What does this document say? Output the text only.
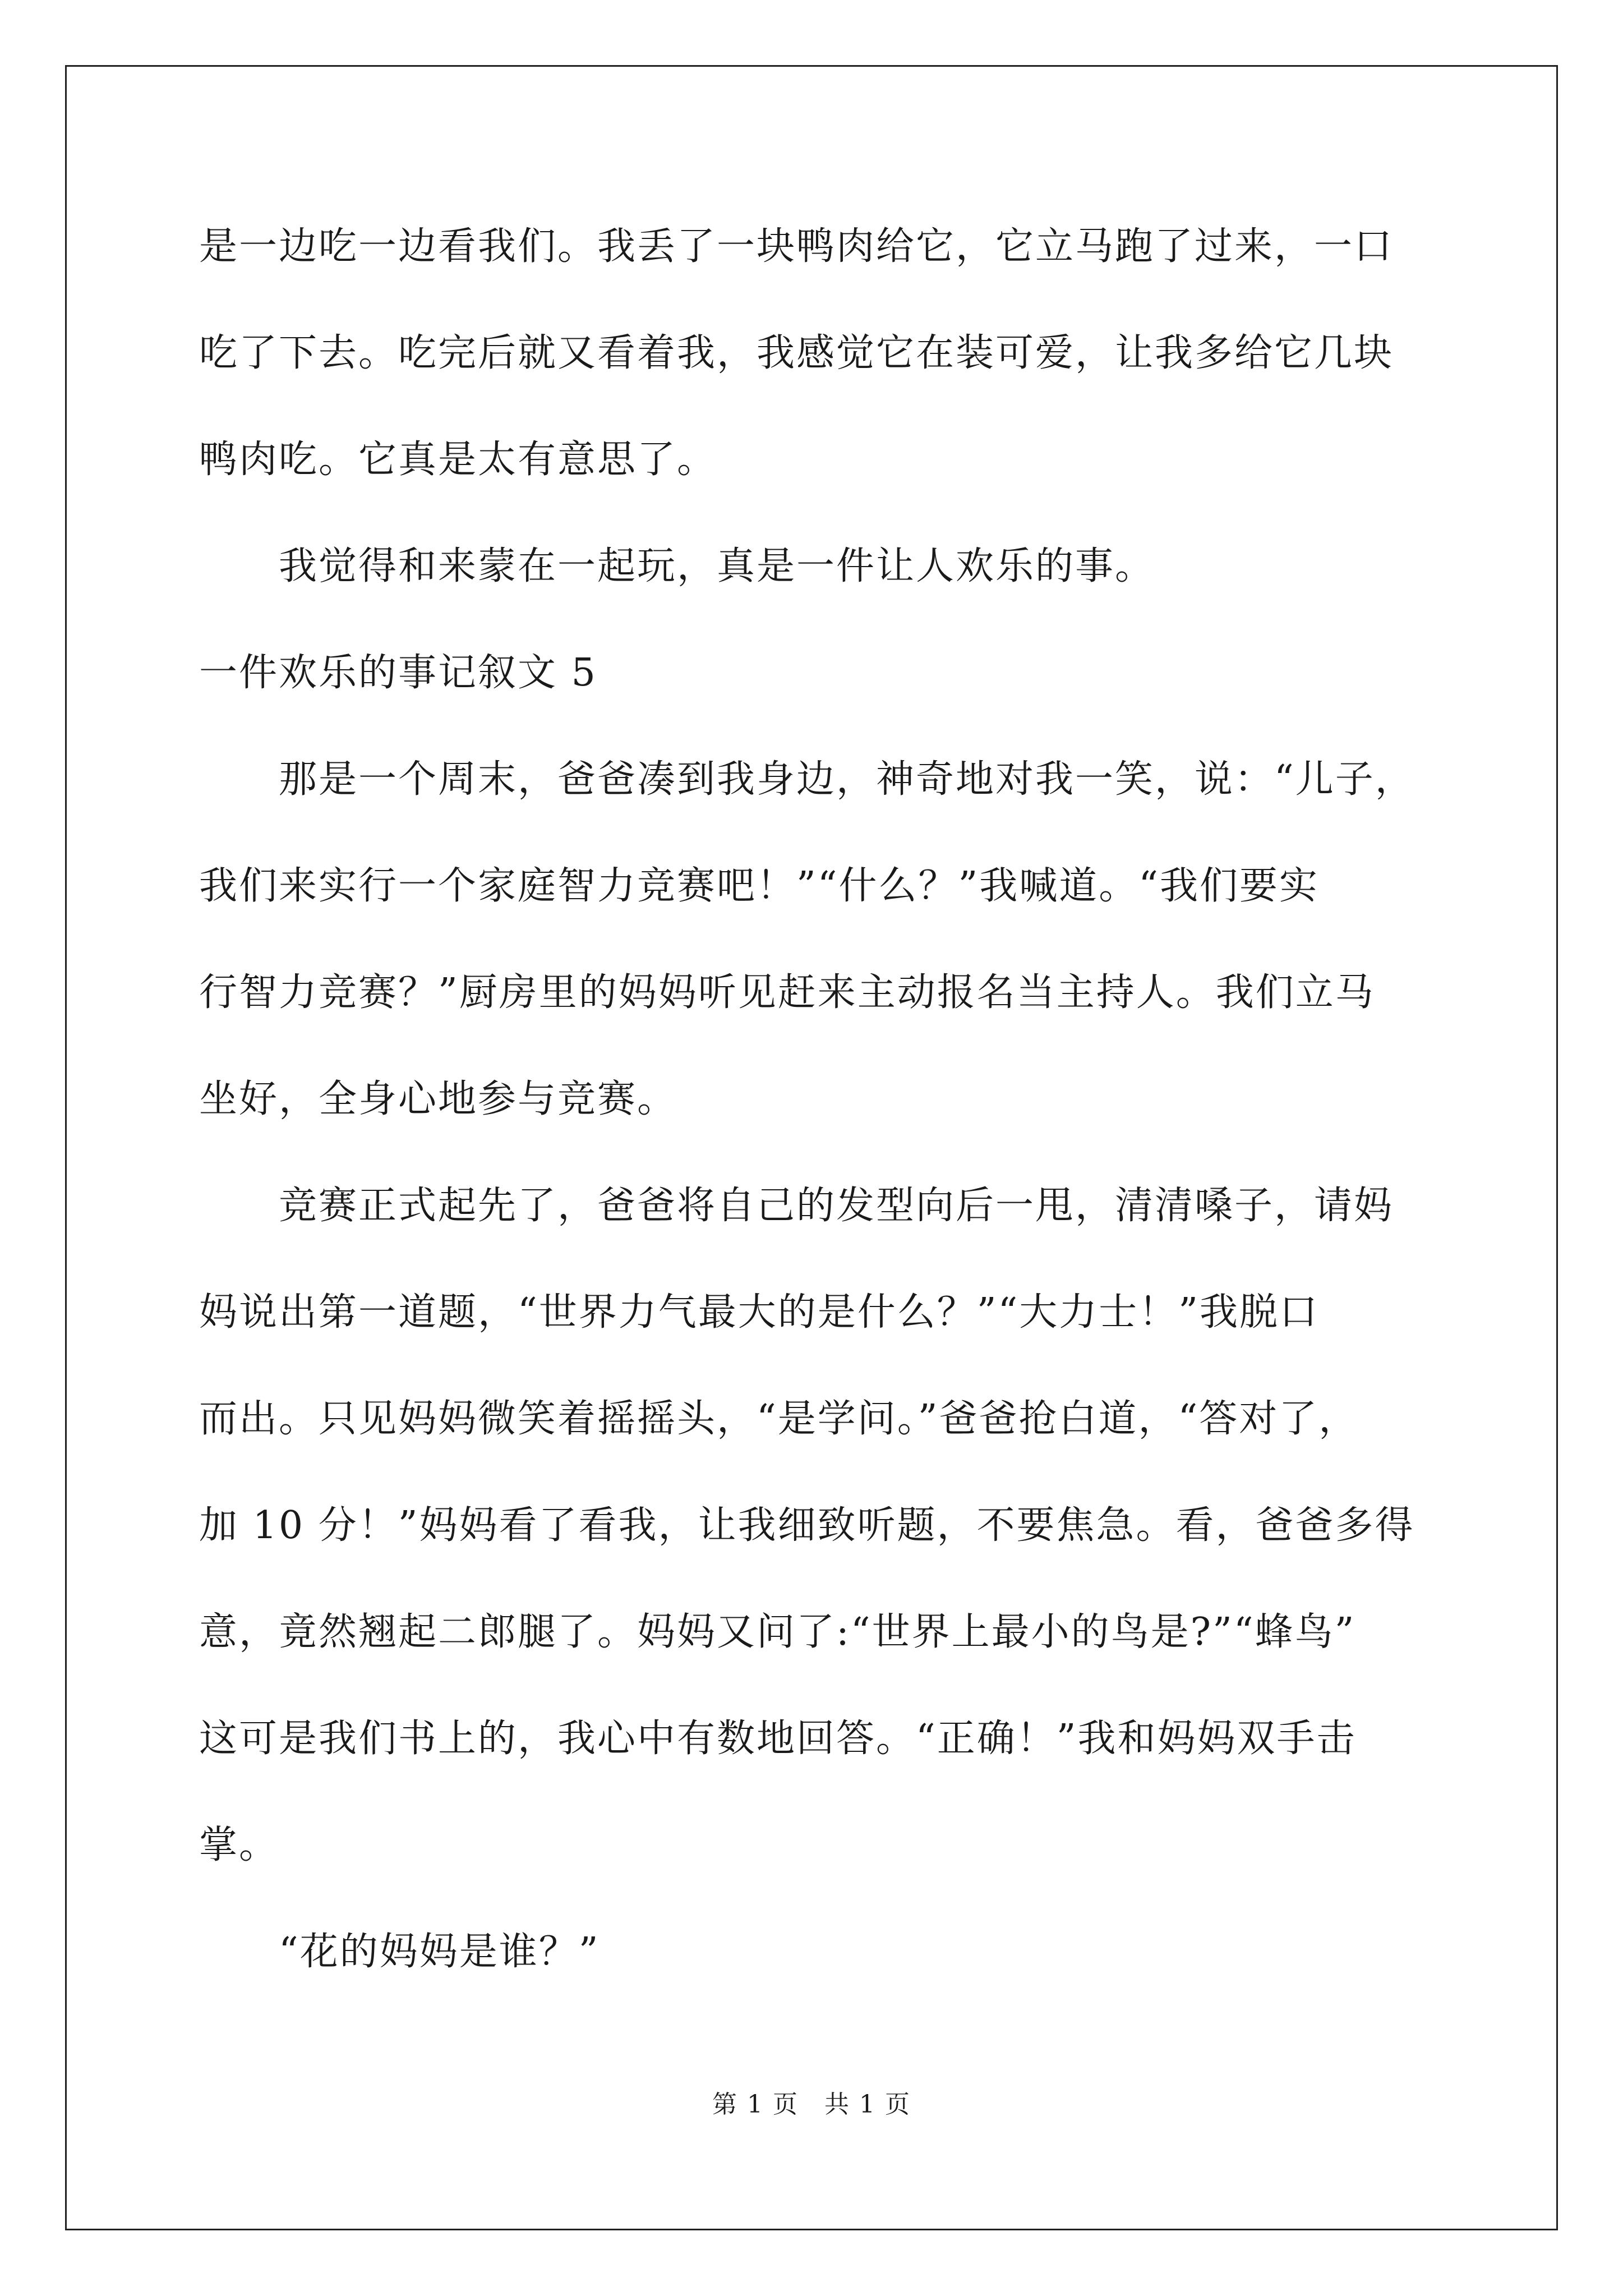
是一边吃一边看我们。我丢了一块鸭肉给它，它立马跑了过来，一口
吃了下去。吃完后就又看着我，我感觉它在装可爱，让我多给它几块
鸭肉吃。它真是太有意思了。
　　我觉得和来蒙在一起玩，真是一件让人欢乐的事。
一件欢乐的事记叙文 5
　　那是一个周末，爸爸凑到我身边，神奇地对我一笑，说：“儿子，
我们来实行一个家庭智力竞赛吧！”“什么？”我喊道。“我们要实
行智力竞赛？”厨房里的妈妈听见赶来主动报名当主持人。我们立马
坐好，全身心地参与竞赛。
　　竞赛正式起先了，爸爸将自己的发型向后一甩，清清嗓子，请妈
妈说出第一道题，“世界力气最大的是什么？”“大力士！”我脱口
而出。只见妈妈微笑着摇摇头，“是学问。”爸爸抢白道，“答对了，
加 10 分！”妈妈看了看我，让我细致听题，不要焦急。看，爸爸多得
意，竟然翘起二郎腿了。妈妈又问了:“世界上最小的鸟是?”“蜂鸟”
这可是我们书上的，我心中有数地回答。“正确！”我和妈妈双手击
掌。
　　“花的妈妈是谁？”
第 1 页　共 1 页
